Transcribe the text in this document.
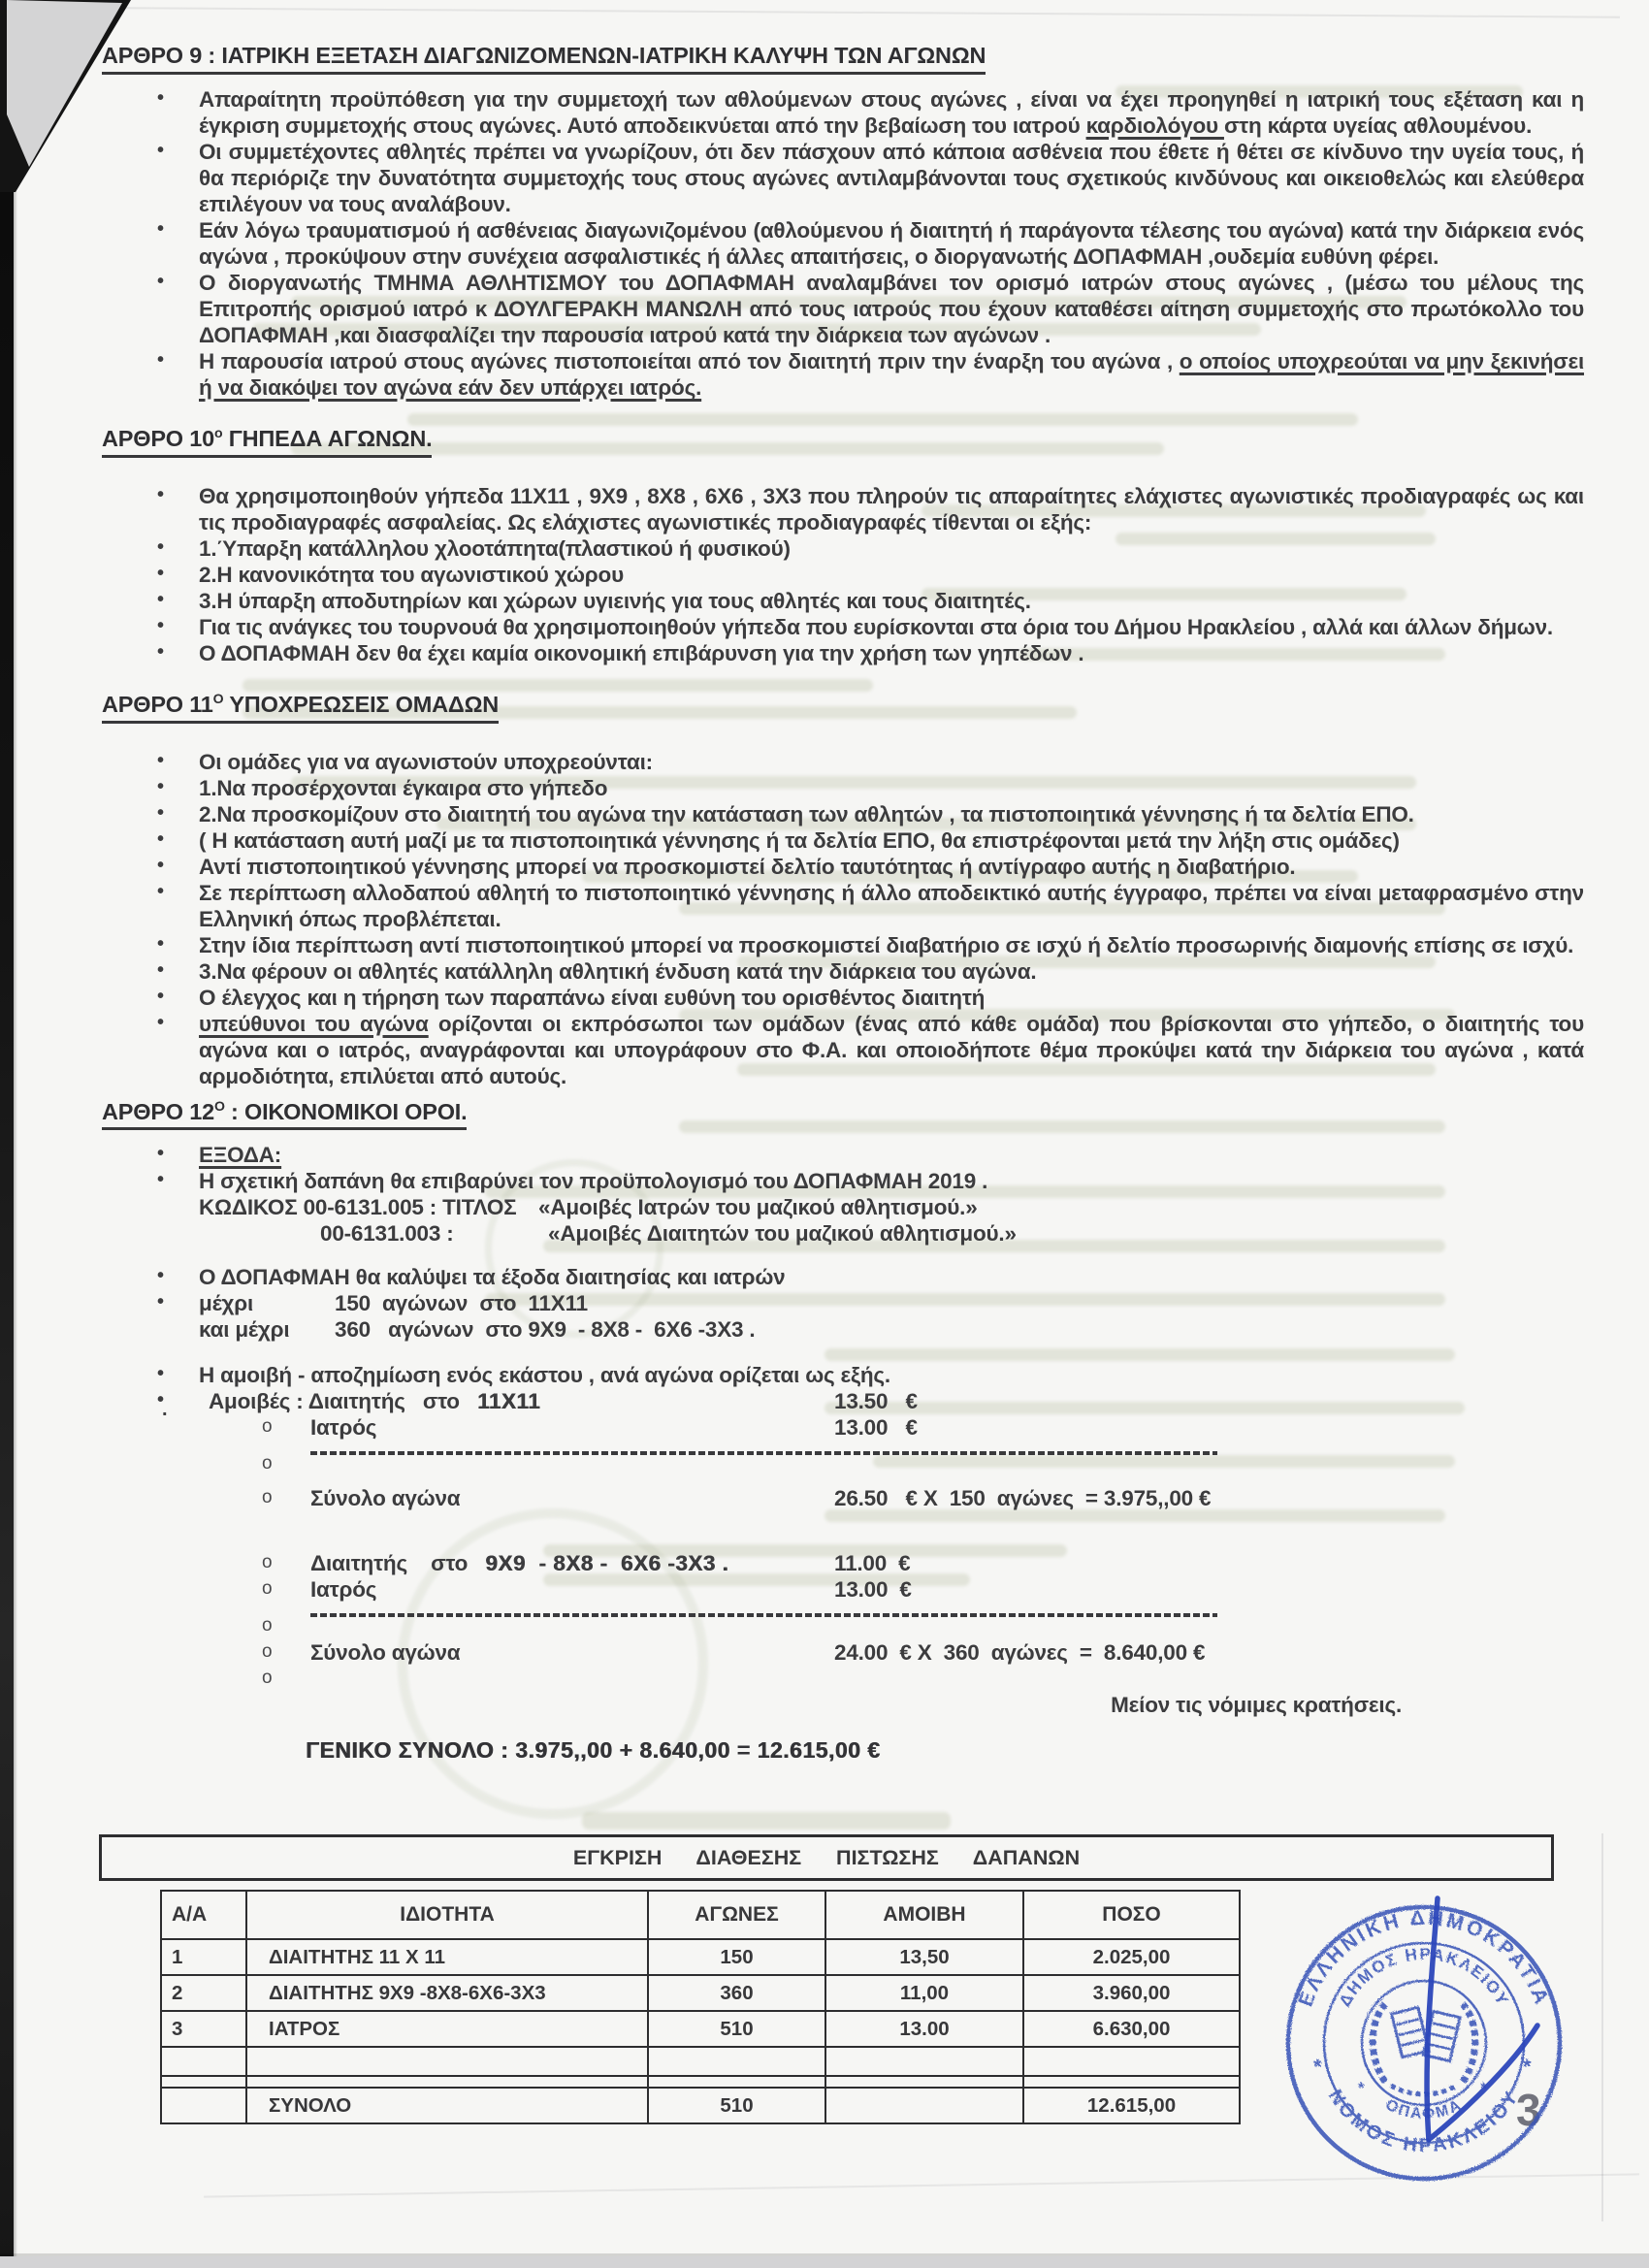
ΑΡΘΡΟ 9 : ΙΑΤΡΙΚΗ ΕΞΕΤΑΣΗ ΔΙΑΓΩΝΙΖΟΜΕΝΩΝ-ΙΑΤΡΙΚΗ ΚΑΛΥΨΗ ΤΩΝ ΑΓΩΝΩΝ
• Απαραίτητη προϋπόθεση για την συμμετοχή των αθλούμενων στους αγώνες , είναι να έχει προηγηθεί η ιατρική τους εξέταση και η έγκριση συμμετοχής στους αγώνες. Αυτό αποδεικνύεται από την βεβαίωση του ιατρού καρδιολόγου στη κάρτα υγείας αθλουμένου.
• Οι συμμετέχοντες αθλητές πρέπει να γνωρίζουν, ότι δεν πάσχουν από κάποια ασθένεια που έθετε ή θέτει σε κίνδυνο την υγεία τους, ή θα περιόριζε την δυνατότητα συμμετοχής τους στους αγώνες αντιλαμβάνονται τους σχετικούς κινδύνους και οικειοθελώς και ελεύθερα επιλέγουν να τους αναλάβουν.
• Εάν λόγω τραυματισμού ή ασθένειας διαγωνιζομένου (αθλούμενου ή διαιτητή ή παράγοντα τέλεσης του αγώνα) κατά την διάρκεια ενός αγώνα , προκύψουν στην συνέχεια ασφαλιστικές ή άλλες απαιτήσεις, ο διοργανωτής ΔΟΠΑΦΜΑΗ ,ουδεμία ευθύνη φέρει.
• Ο διοργανωτής ΤΜΗΜΑ ΑΘΛΗΤΙΣΜΟΥ του ΔΟΠΑΦΜΑΗ αναλαμβάνει τον ορισμό ιατρών στους αγώνες , (μέσω του μέλους της Επιτροπής ορισμού ιατρό κ ΔΟΥΛΓΕΡΑΚΗ ΜΑΝΩΛΗ από τους ιατρούς που έχουν καταθέσει αίτηση συμμετοχής στο πρωτόκολλο του ΔΟΠΑΦΜΑΗ ,και διασφαλίζει την παρουσία ιατρού κατά την διάρκεια των αγώνων .
• Η παρουσία ιατρού στους αγώνες πιστοποιείται από τον διαιτητή πριν την έναρξη του αγώνα , ο οποίος υποχρεούται να μην ξεκινήσει ή να διακόψει τον αγώνα εάν δεν υπάρχει ιατρός.
ΑΡΘΡΟ $10^o$ ΓΗΠΕΔΑ ΑΓΩΝΩΝ.
• Θα χρησιμοποιηθούν γήπεδα 11X11 , 9X9 , 8X8 , 6X6 , 3X3 που πληρούν τις απαραίτητες ελάχιστες αγωνιστικές προδιαγραφές ως και τις προδιαγραφές ασφαλείας. Ως ελάχιστες αγωνιστικές προδιαγραφές τίθενται οι εξής:
• 1.Ύπαρξη κατάλληλου χλοοτάπητα(πλαστικού ή φυσικού)
• 2.Η κανονικότητα του αγωνιστικού χώρου
• 3.Η ύπαρξη αποδυτηρίων και χώρων υγιεινής για τους αθλητές και τους διαιτητές.
• Για τις ανάγκες του τουρνουά θα χρησιμοποιηθούν γήπεδα που ευρίσκονται στα όρια του Δήμου Ηρακλείου , αλλά και άλλων δήμων.
• Ο ΔΟΠΑΦΜΑΗ δεν θα έχει καμία οικονομική επιβάρυνση για την χρήση των γηπέδων .
ΑΡΘΡΟ $11^O$ ΥΠΟΧΡΕΩΣΕΙΣ ΟΜΑΔΩΝ
• Οι ομάδες για να αγωνιστούν υποχρεούνται:
• 1.Να προσέρχονται έγκαιρα στο γήπεδο
• 2.Να προσκομίζουν στο διαιτητή του αγώνα την κατάσταση των αθλητών , τα πιστοποιητικά γέννησης ή τα δελτία ΕΠΟ.
• ( Η κατάσταση αυτή μαζί με τα πιστοποιητικά γέννησης ή τα δελτία ΕΠΟ, θα επιστρέφονται μετά την λήξη στις ομάδες)
• Αντί πιστοποιητικού γέννησης μπορεί να προσκομιστεί δελτίο ταυτότητας ή αντίγραφο αυτής η διαβατήριο.
• Σε περίπτωση αλλοδαπού αθλητή το πιστοποιητικό γέννησης ή άλλο αποδεικτικό αυτής έγγραφο, πρέπει να είναι μεταφρασμένο στην Ελληνική όπως προβλέπεται.
• Στην ίδια περίπτωση αντί πιστοποιητικού μπορεί να προσκομιστεί διαβατήριο σε ισχύ ή δελτίο προσωρινής διαμονής επίσης σε ισχύ.
• 3.Να φέρουν οι αθλητές κατάλληλη αθλητική ένδυση κατά την διάρκεια του αγώνα.
• Ο έλεγχος και η τήρηση των παραπάνω είναι ευθύνη του ορισθέντος διαιτητή
• υπεύθυνοι του αγώνα ορίζονται οι εκπρόσωποι των ομάδων (ένας από κάθε ομάδα) που βρίσκονται στο γήπεδο, ο διαιτητής του αγώνα και ο ιατρός, αναγράφονται και υπογράφουν στο Φ.Α. και οποιοδήποτε θέμα προκύψει κατά την διάρκεια του αγώνα , κατά αρμοδιότητα, επιλύεται από αυτούς.
ΑΡΘΡΟ $12^O$ : ΟΙΚΟΝΟΜΙΚΟΙ ΟΡΟΙ.
• ΕΞΟΔΑ:
• Η σχετική δαπάνη θα επιβαρύνει τον προϋπολογισμό του ΔΟΠΑΦΜΑΗ 2019 .
ΚΩΔΙΚΟΣ 00-6131.005 : ΤΙΤΛΟΣ «Αμοιβές Ιατρών του μαζικού αθλητισμού.»
00-6131.003 :	«Αμοιβές Διαιτητών του μαζικού αθλητισμού.»
• Ο ΔΟΠΑΦΜΑΗ θα καλύψει τα έξοδα διαιτησίας και ιατρών
• μέχρι	150  αγώνων  στο  11X11
και μέχρι 360   αγώνων  στο 9X9  - 8X8 -  6X6 -3X3 .
• Η αμοιβή - αποζημίωση ενός εκάστου , ανά αγώνα ορίζεται ως εξής.
•
.	Αμοιβές : Διαιτητής   στο   11X11	13.50   €
o	Ιατρός	13.00   €
o
o	Σύνολο αγώνα	26.50   € X  150  αγώνες  = 3.975,,00 €
o	Διαιτητής    στο   9X9  - 8X8 -  6X6 -3X3 .	11.00  €
o	Ιατρός	13.00  €
o
o	Σύνολο αγώνα	24.00  € X  360  αγώνες  =  8.640,00 €
o

Μείον τις νόμιμες κρατήσεις.
ΓΕΝΙΚΟ ΣΥΝΟΛΟ : 3.975,,00 + 8.640,00 = 12.615,00 €
ΕΓΚΡΙΣΗ      ΔΙΑΘΕΣΗΣ      ΠΙΣΤΩΣΗΣ      ΔΑΠΑΝΩΝ
Α/Α	ΙΔΙΟΤΗΤΑ	ΑΓΩΝΕΣ	ΑΜΟΙΒΗ	ΠΟΣΟ
1	ΔΙΑΙΤΗΤΗΣ 11 X 11	150	13,50	2.025,00
2	ΔΙΑΙΤΗΤΗΣ 9X9 -8X8-6X6-3X3	360	11,00	3.960,00
3	ΙΑΤΡΟΣ	510	13.00	6.630,00

	ΣΥΝΟΛΟ	510		12.615,00	3
ΕΛΛΗΝΙΚΗ ΔΗΜΟΚΡΑΤΙΑ
ΝΟΜΟΣ ΗΡΑΚΛΕΙΟΥ
ΔΗΜΟΣ ΗΡΑΚΛΕΙΟΥ
ΟΠΑΦΜΑ
*	*
*	*
